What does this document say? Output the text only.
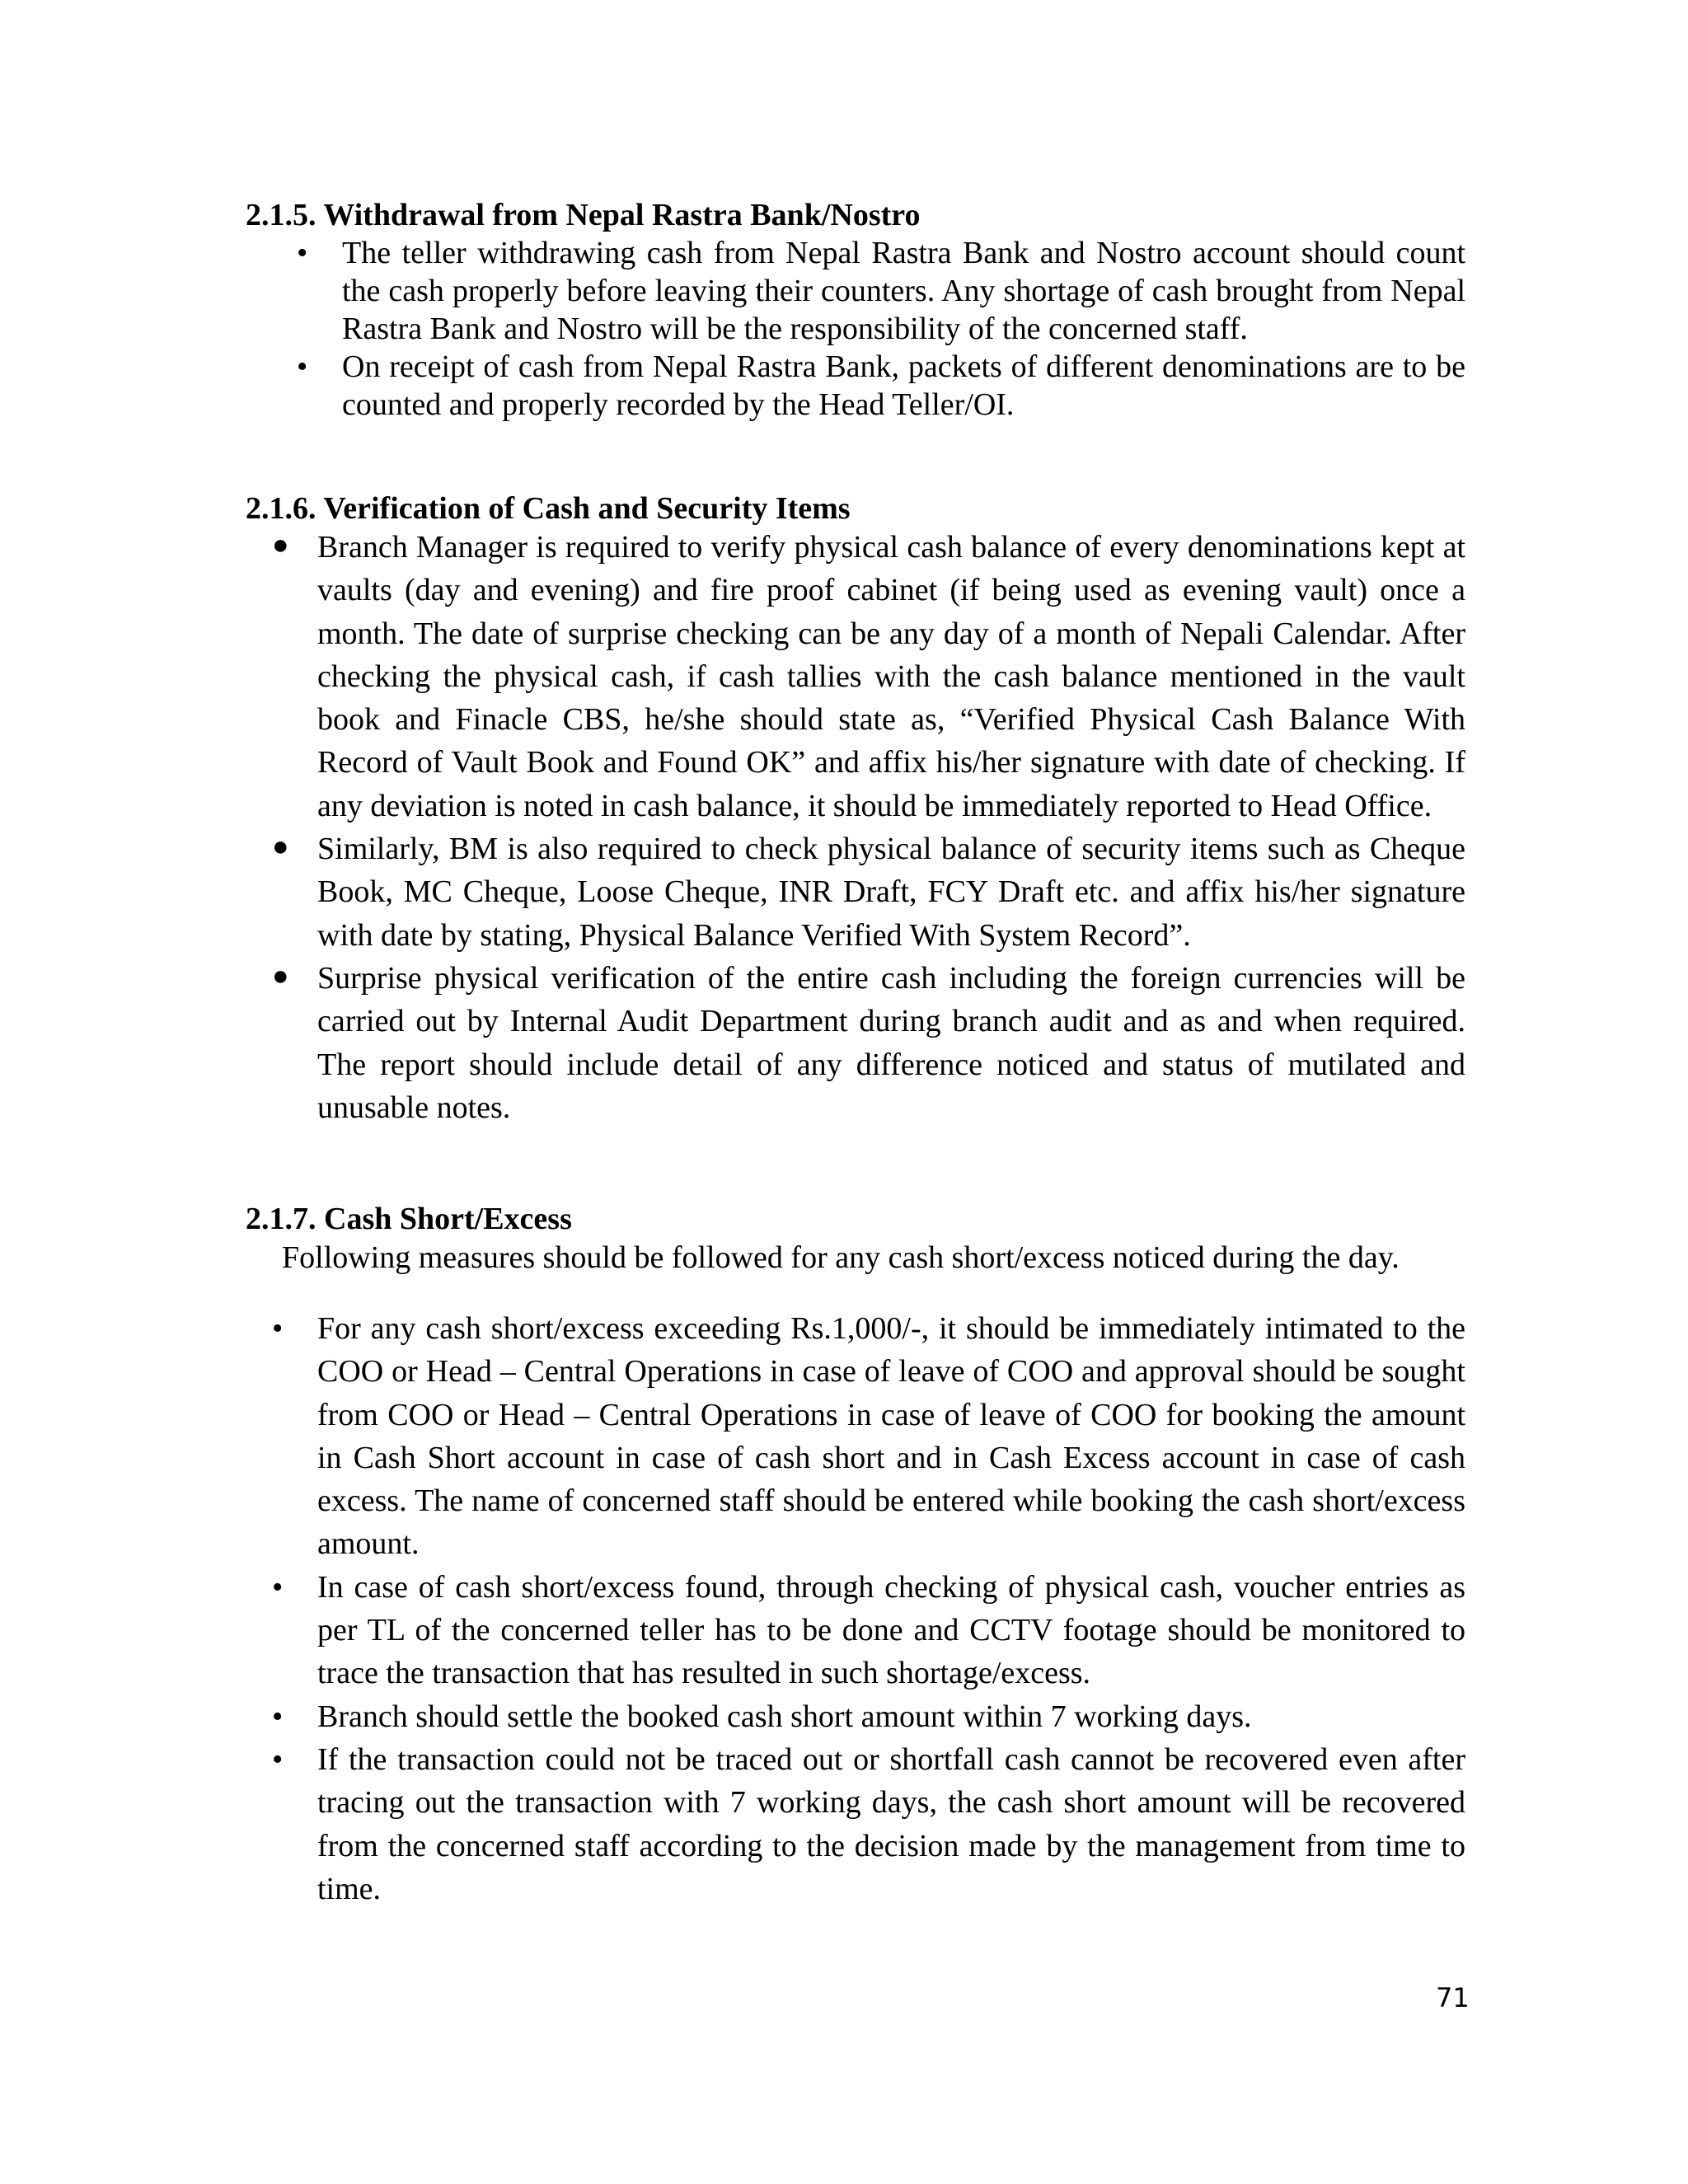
2.1.5. Withdrawal from Nepal Rastra Bank/Nostro
• The teller withdrawing cash from Nepal Rastra Bank and Nostro account should count the cash properly before leaving their counters. Any shortage of cash brought from Nepal Rastra Bank and Nostro will be the responsibility of the concerned staff.
• On receipt of cash from Nepal Rastra Bank, packets of different denominations are to be counted and properly recorded by the Head Teller/OI.
2.1.6. Verification of Cash and Security Items
● Branch Manager is required to verify physical cash balance of every denominations kept at vaults (day and evening) and fire proof cabinet (if being used as evening vault) once a month. The date of surprise checking can be any day of a month of Nepali Calendar. After checking the physical cash, if cash tallies with the cash balance mentioned in the vault book and Finacle CBS, he/she should state as, “Verified Physical Cash Balance With Record of Vault Book and Found OK” and affix his/her signature with date of checking. If any deviation is noted in cash balance, it should be immediately reported to Head Office.
● Similarly, BM is also required to check physical balance of security items such as Cheque Book, MC Cheque, Loose Cheque, INR Draft, FCY Draft etc. and affix his/her signature with date by stating, Physical Balance Verified With System Record”.
● Surprise physical verification of the entire cash including the foreign currencies will be carried out by Internal Audit Department during branch audit and as and when required. The report should include detail of any difference noticed and status of mutilated and unusable notes.
2.1.7. Cash Short/Excess

Following measures should be followed for any cash short/excess noticed during the day.

• For any cash short/excess exceeding Rs.1,000/-, it should be immediately intimated to the COO or Head – Central Operations in case of leave of COO and approval should be sought from COO or Head – Central Operations in case of leave of COO for booking the amount in Cash Short account in case of cash short and in Cash Excess account in case of cash excess. The name of concerned staff should be entered while booking the cash short/excess amount.
• In case of cash short/excess found, through checking of physical cash, voucher entries as per TL of the concerned teller has to be done and CCTV footage should be monitored to trace the transaction that has resulted in such shortage/excess.
• Branch should settle the booked cash short amount within 7 working days.
• If the transaction could not be traced out or shortfall cash cannot be recovered even after tracing out the transaction with 7 working days, the cash short amount will be recovered from the concerned staff according to the decision made by the management from time to time.

71
